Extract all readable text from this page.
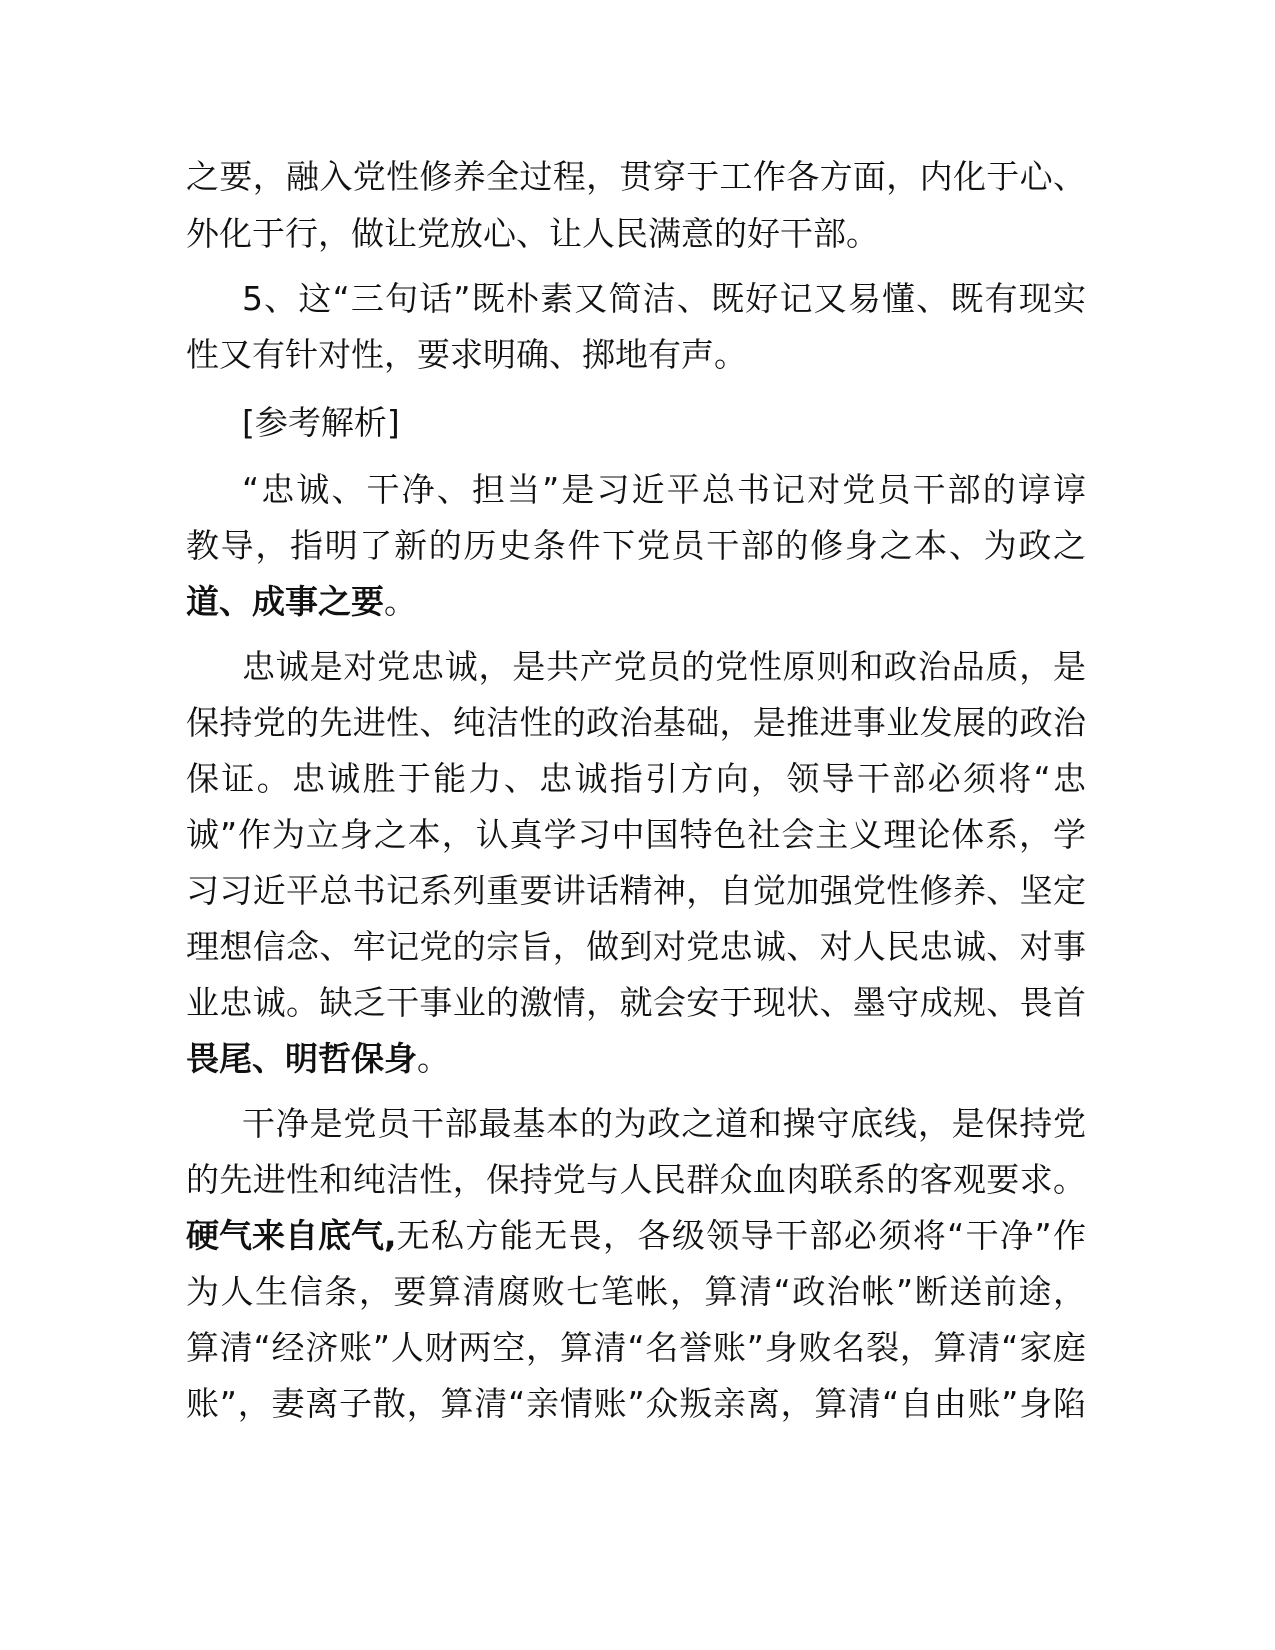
之要，融入党性修养全过程，贯穿于工作各方面，内化于心、
外化于行，做让党放心、让人民满意的好干部。
5、这“三句话”既朴素又简洁、既好记又易懂、既有现实
性又有针对性，要求明确、掷地有声。
[参考解析]
“忠诚、干净、担当”是习近平总书记对党员干部的谆谆
教导，指明了新的历史条件下党员干部的修身之本、为政之
道、成事之要。
忠诚是对党忠诚，是共产党员的党性原则和政治品质，是
保持党的先进性、纯洁性的政治基础，是推进事业发展的政治
保证。忠诚胜于能力、忠诚指引方向，领导干部必须将“忠
诚”作为立身之本，认真学习中国特色社会主义理论体系，学
习习近平总书记系列重要讲话精神，自觉加强党性修养、坚定
理想信念、牢记党的宗旨，做到对党忠诚、对人民忠诚、对事
业忠诚。缺乏干事业的激情，就会安于现状、墨守成规、畏首
畏尾、明哲保身。
干净是党员干部最基本的为政之道和操守底线，是保持党
的先进性和纯洁性，保持党与人民群众血肉联系的客观要求。
硬气来自底气, 无私方能无畏，各级领导干部必须将“干净”作
为人生信条，要算清腐败七笔帐，算清“政治帐”断送前途，
算清“经济账”人财两空，算清“名誉账”身败名裂，算清“家庭
账”，妻离子散，算清“亲情账”众叛亲离，算清“自由账”身陷
